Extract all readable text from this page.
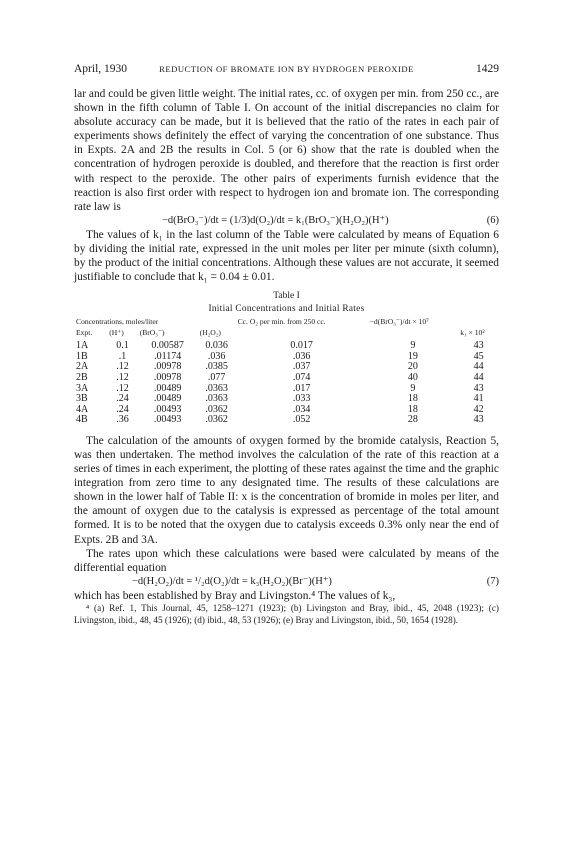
April, 1930	REDUCTION OF BROMATE ION BY HYDROGEN PEROXIDE	1429

lar and could be given little weight. The initial rates, cc. of oxygen per min. from 250 cc., are shown in the fifth column of Table I. On account of the initial discrepancies no claim for absolute accuracy can be made, but it is believed that the ratio of the rates in each pair of experiments shows definitely the effect of varying the concentration of one substance. Thus in Expts. 2A and 2B the results in Col. 5 (or 6) show that the rate is doubled when the concentration of hydrogen peroxide is doubled, and therefore that the reaction is first order with respect to the peroxide. The other pairs of experiments furnish evidence that the reaction is also first order with respect to hydrogen ion and bromate ion. The corresponding rate law is

−d(BrO₃⁻)/dt = (1/3)d(O₂)/dt = k₁(BrO₃⁻)(H₂O₂)(H⁺)	(6)

The values of k₁ in the last column of the Table were calculated by means of Equation 6 by dividing the initial rate, expressed in the unit moles per liter per minute (sixth column), by the product of the initial concentrations. Although these values are not accurate, it seemed justifiable to conclude that k₁ = 0.04 ± 0.01.

Table I
Initial Concentrations and Initial Rates
Concentrations, moles/liter				Cc. O₂ per min. from 250 cc.	−d(BrO₃⁻)/dt × 10⁷	
Expt.	(H⁺)	(BrO₃⁻)	(H₂O₂)			k₁ × 10²
1A	0.1	0.00587	0.036	0.017	9	43
1B	.1	.01174	.036	.036	19	45
2A	.12	.00978	.0385	.037	20	44
2B	.12	.00978	.077	.074	40	44
3A	.12	.00489	.0363	.017	9	43
3B	.24	.00489	.0363	.033	18	41
4A	.24	.00493	.0362	.034	18	42
4B	.36	.00493	.0362	.052	28	43

The calculation of the amounts of oxygen formed by the bromide catalysis, Reaction 5, was then undertaken. The method involves the calculation of the rate of this reaction at a series of times in each experiment, the plotting of these rates against the time and the graphic integration from zero time to any designated time. The results of these calculations are shown in the lower half of Table II: x is the concentration of bromide in moles per liter, and the amount of oxygen due to the catalysis is expressed as percentage of the total amount formed. It is to be noted that the oxygen due to catalysis exceeds 0.3% only near the end of Expts. 2B and 3A.

The rates upon which these calculations were based were calculated by means of the differential equation

−d(H₂O₂)/dt = ¹/₂d(O₂)/dt = k₃(H₂O₂)(Br⁻)(H⁺)	(7)

which has been established by Bray and Livingston.⁴ The values of k₃,

⁴ (a) Ref. 1, This Journal, 45, 1258–1271 (1923); (b) Livingston and Bray, ibid., 45, 2048 (1923); (c) Livingston, ibid., 48, 45 (1926); (d) ibid., 48, 53 (1926); (e) Bray and Livingston, ibid., 50, 1654 (1928).
